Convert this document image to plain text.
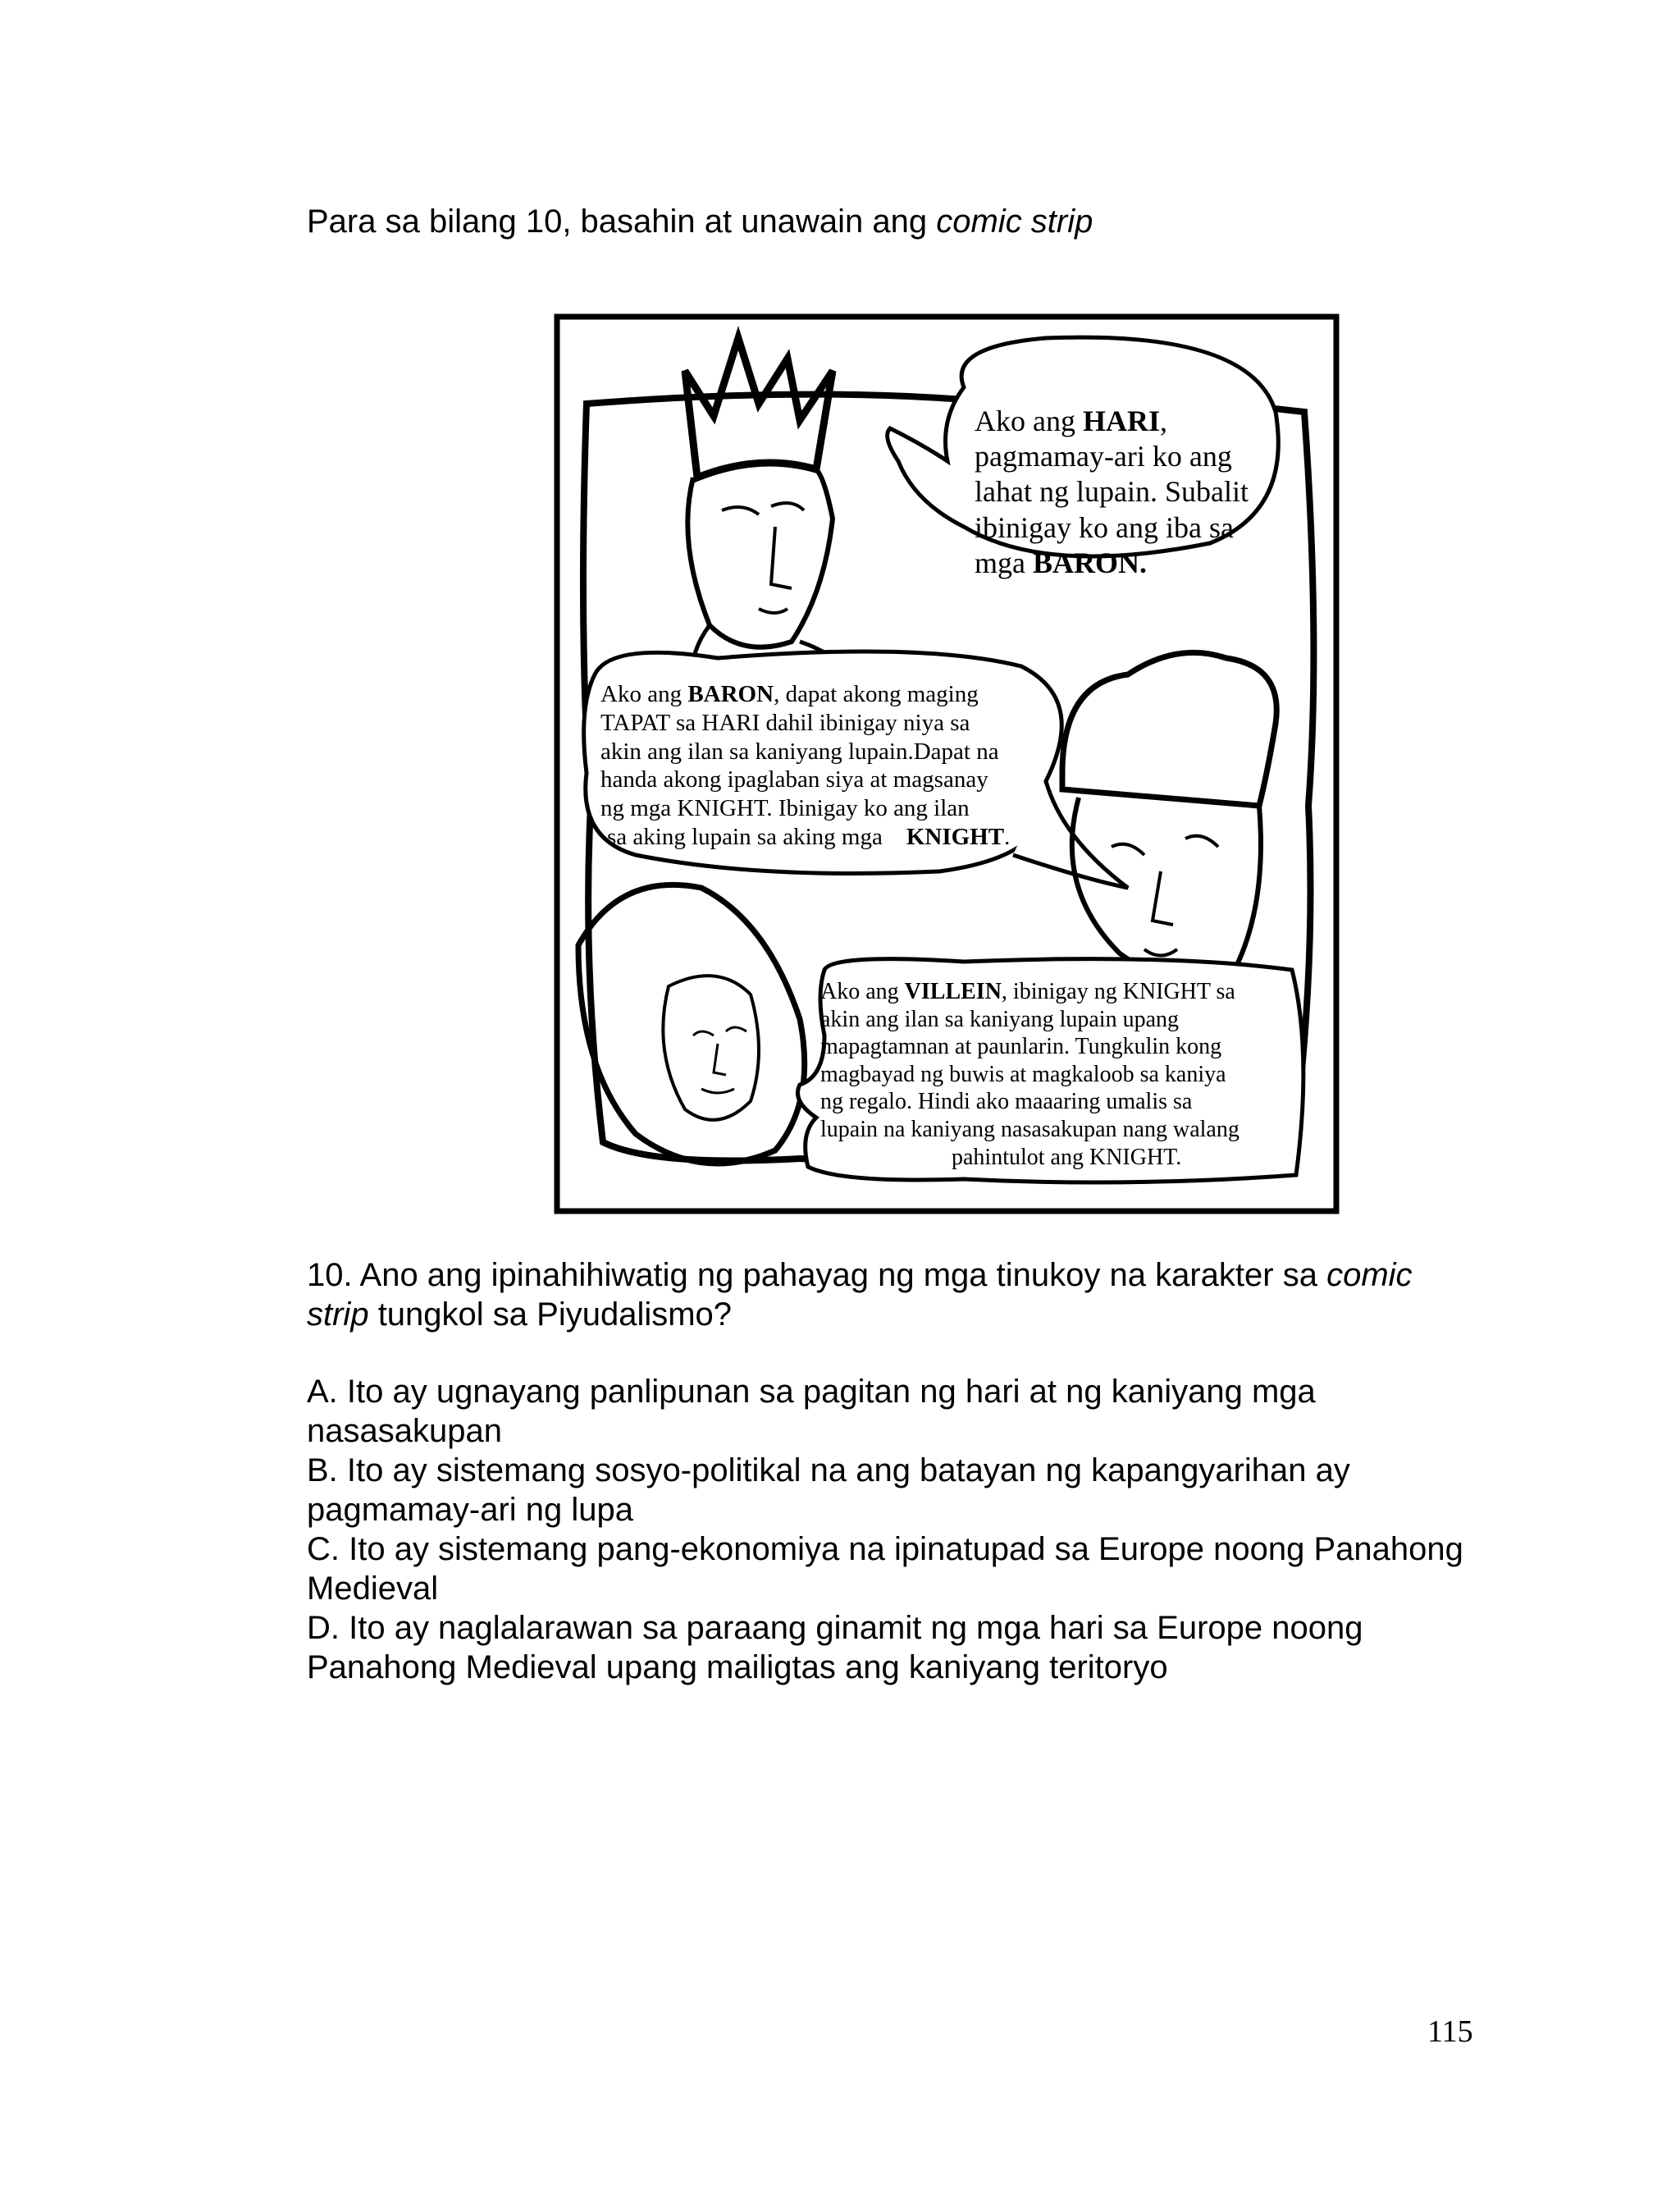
Para sa bilang 10, basahin at unawain ang comic strip
Ako ang HARI,
pagmamay-ari ko ang
lahat ng lupain. Subalit
ibinigay ko ang iba sa
mga BARON.
Ako ang BARON, dapat akong maging
TAPAT sa HARI dahil ibinigay niya sa
akin ang ilan sa kaniyang lupain.Dapat na
handa akong ipaglaban siya at magsanay
ng mga KNIGHT. Ibinigay ko ang ilan
sa aking lupain sa aking mga    KNIGHT.
Ako ang VILLEIN, ibinigay ng KNIGHT sa
akin ang ilan sa kaniyang lupain upang
mapagtamnan at paunlarin. Tungkulin kong
magbayad ng buwis at magkaloob sa kaniya
ng regalo. Hindi ako maaaring umalis sa
lupain na kaniyang nasasakupan nang walang
pahintulot ang KNIGHT.
10. Ano ang ipinahihiwatig ng pahayag ng mga tinukoy na karakter sa comic
strip tungkol sa Piyudalismo?

A. Ito ay ugnayang panlipunan sa pagitan ng hari at ng kaniyang mga nasasakupan

B. Ito ay sistemang sosyo-politikal na ang batayan ng kapangyarihan ay pagmamay-ari ng lupa

C. Ito ay sistemang pang-ekonomiya na ipinatupad sa Europe noong Panahong Medieval

D. Ito ay naglalarawan sa paraang ginamit ng mga hari sa Europe noong Panahong Medieval upang mailigtas ang kaniyang teritoryo

115
